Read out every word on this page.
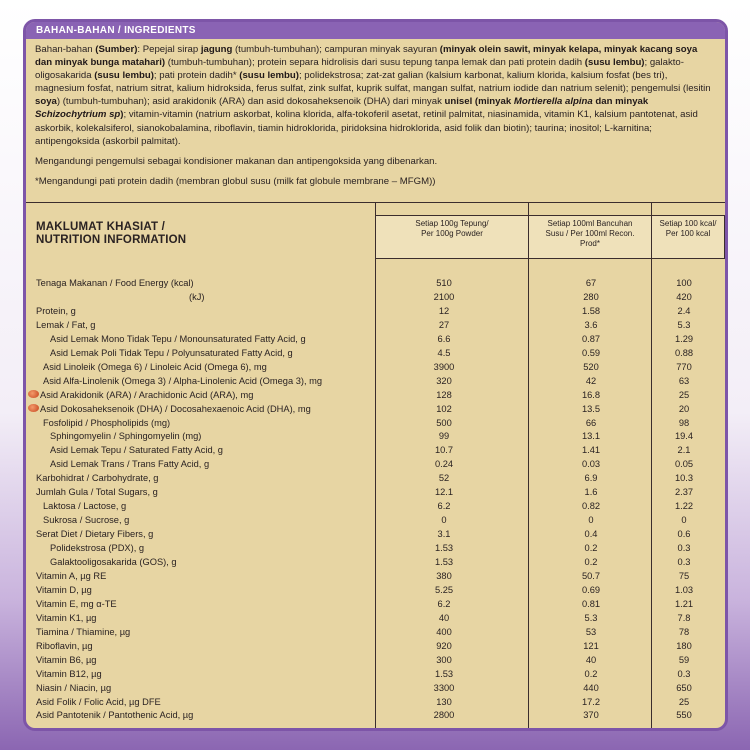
BAHAN-BAHAN / INGREDIENTS

Bahan-bahan (Sumber): Pepejal sirap jagung (tumbuh-tumbuhan); campuran minyak sayuran (minyak olein sawit, minyak kelapa, minyak kacang soya dan minyak bunga matahari) (tumbuh-tumbuhan); protein separa hidrolisis dari susu tepung tanpa lemak dan pati protein dadih (susu lembu); galakto-oligosakarida (susu lembu); pati protein dadih* (susu lembu); polidekstrosa; zat-zat galian (kalsium karbonat, kalium klorida, kalsium fosfat (bes tri), magnesium fosfat, natrium sitrat, kalium hidroksida, ferus sulfat, zink sulfat, kuprik sulfat, mangan sulfat, natrium iodide dan natrium selenit); pengemulsi (lesitin soya) (tumbuh-tumbuhan); asid arakidonik (ARA) dan asid dokosaheksenoik (DHA) dari minyak unisel (minyak Mortierella alpina dan minyak Schizochytrium sp); vitamin-vitamin (natrium askorbat, kolina klorida, alfa-tokoferil asetat, retinil palmitat, niasinamida, vitamin K1, kalsium pantotenat, asid askorbik, kolekalsiferol, sianokobalamina, riboflavin, tiamin hidroklorida, piridoksina hidroklorida, asid folik dan biotin); taurina; inositol; L-karnitina; antipengoksida (askorbil palmitat).

Mengandungi pengemulsi sebagai kondisioner makanan dan antipengoksida yang dibenarkan.

*Mengandungi pati protein dadih (membran globul susu (milk fat globule membrane – MFGM))

MAKLUMAT KHASIAT /
NUTRITION INFORMATION
Setiap 100g Tepung/
Per 100g Powder
Setiap 100ml Bancuhan
Susu / Per 100ml Recon.
Prod*
Setiap 100 kcal/
Per 100 kcal
Tenaga Makanan / Food Energy (kcal)	510	67	100
(kJ)	2100	280	420
Protein, g	12	1.58	2.4
Lemak / Fat, g	27	3.6	5.3
Asid Lemak Mono Tidak Tepu / Monounsaturated Fatty Acid, g	6.6	0.87	1.29
Asid Lemak Poli Tidak Tepu / Polyunsaturated Fatty Acid, g	4.5	0.59	0.88
Asid Linoleik (Omega 6) / Linoleic Acid (Omega 6), mg	3900	520	770
Asid Alfa-Linolenik (Omega 3) / Alpha-Linolenic Acid (Omega 3), mg	320	42	63
Asid Arakidonik (ARA) / Arachidonic Acid (ARA), mg	128	16.8	25
Asid Dokosaheksenoik (DHA) / Docosahexaenoic Acid (DHA), mg	102	13.5	20
Fosfolipid / Phospholipids (mg)	500	66	98
Sphingomyelin / Sphingomyelin (mg)	99	13.1	19.4
Asid Lemak Tepu / Saturated Fatty Acid, g	10.7	1.41	2.1
Asid Lemak Trans / Trans Fatty Acid, g	0.24	0.03	0.05
Karbohidrat / Carbohydrate, g	52	6.9	10.3
Jumlah Gula / Total Sugars, g	12.1	1.6	2.37
Laktosa / Lactose, g	6.2	0.82	1.22
Sukrosa / Sucrose, g	0	0	0
Serat Diet / Dietary Fibers, g	3.1	0.4	0.6
Polidekstrosa (PDX), g	1.53	0.2	0.3
Galaktooligosakarida (GOS), g	1.53	0.2	0.3
Vitamin A, µg RE	380	50.7	75
Vitamin D, µg	5.25	0.69	1.03
Vitamin E, mg α-TE	6.2	0.81	1.21
Vitamin K1, µg	40	5.3	7.8
Tiamina / Thiamine, µg	400	53	78
Riboflavin, µg	920	121	180
Vitamin B6, µg	300	40	59
Vitamin B12, µg	1.53	0.2	0.3
Niasin / Niacin, µg	3300	440	650
Asid Folik / Folic Acid, µg DFE	130	17.2	25
Asid Pantotenik / Pantothenic Acid, µg	2800	370	550
